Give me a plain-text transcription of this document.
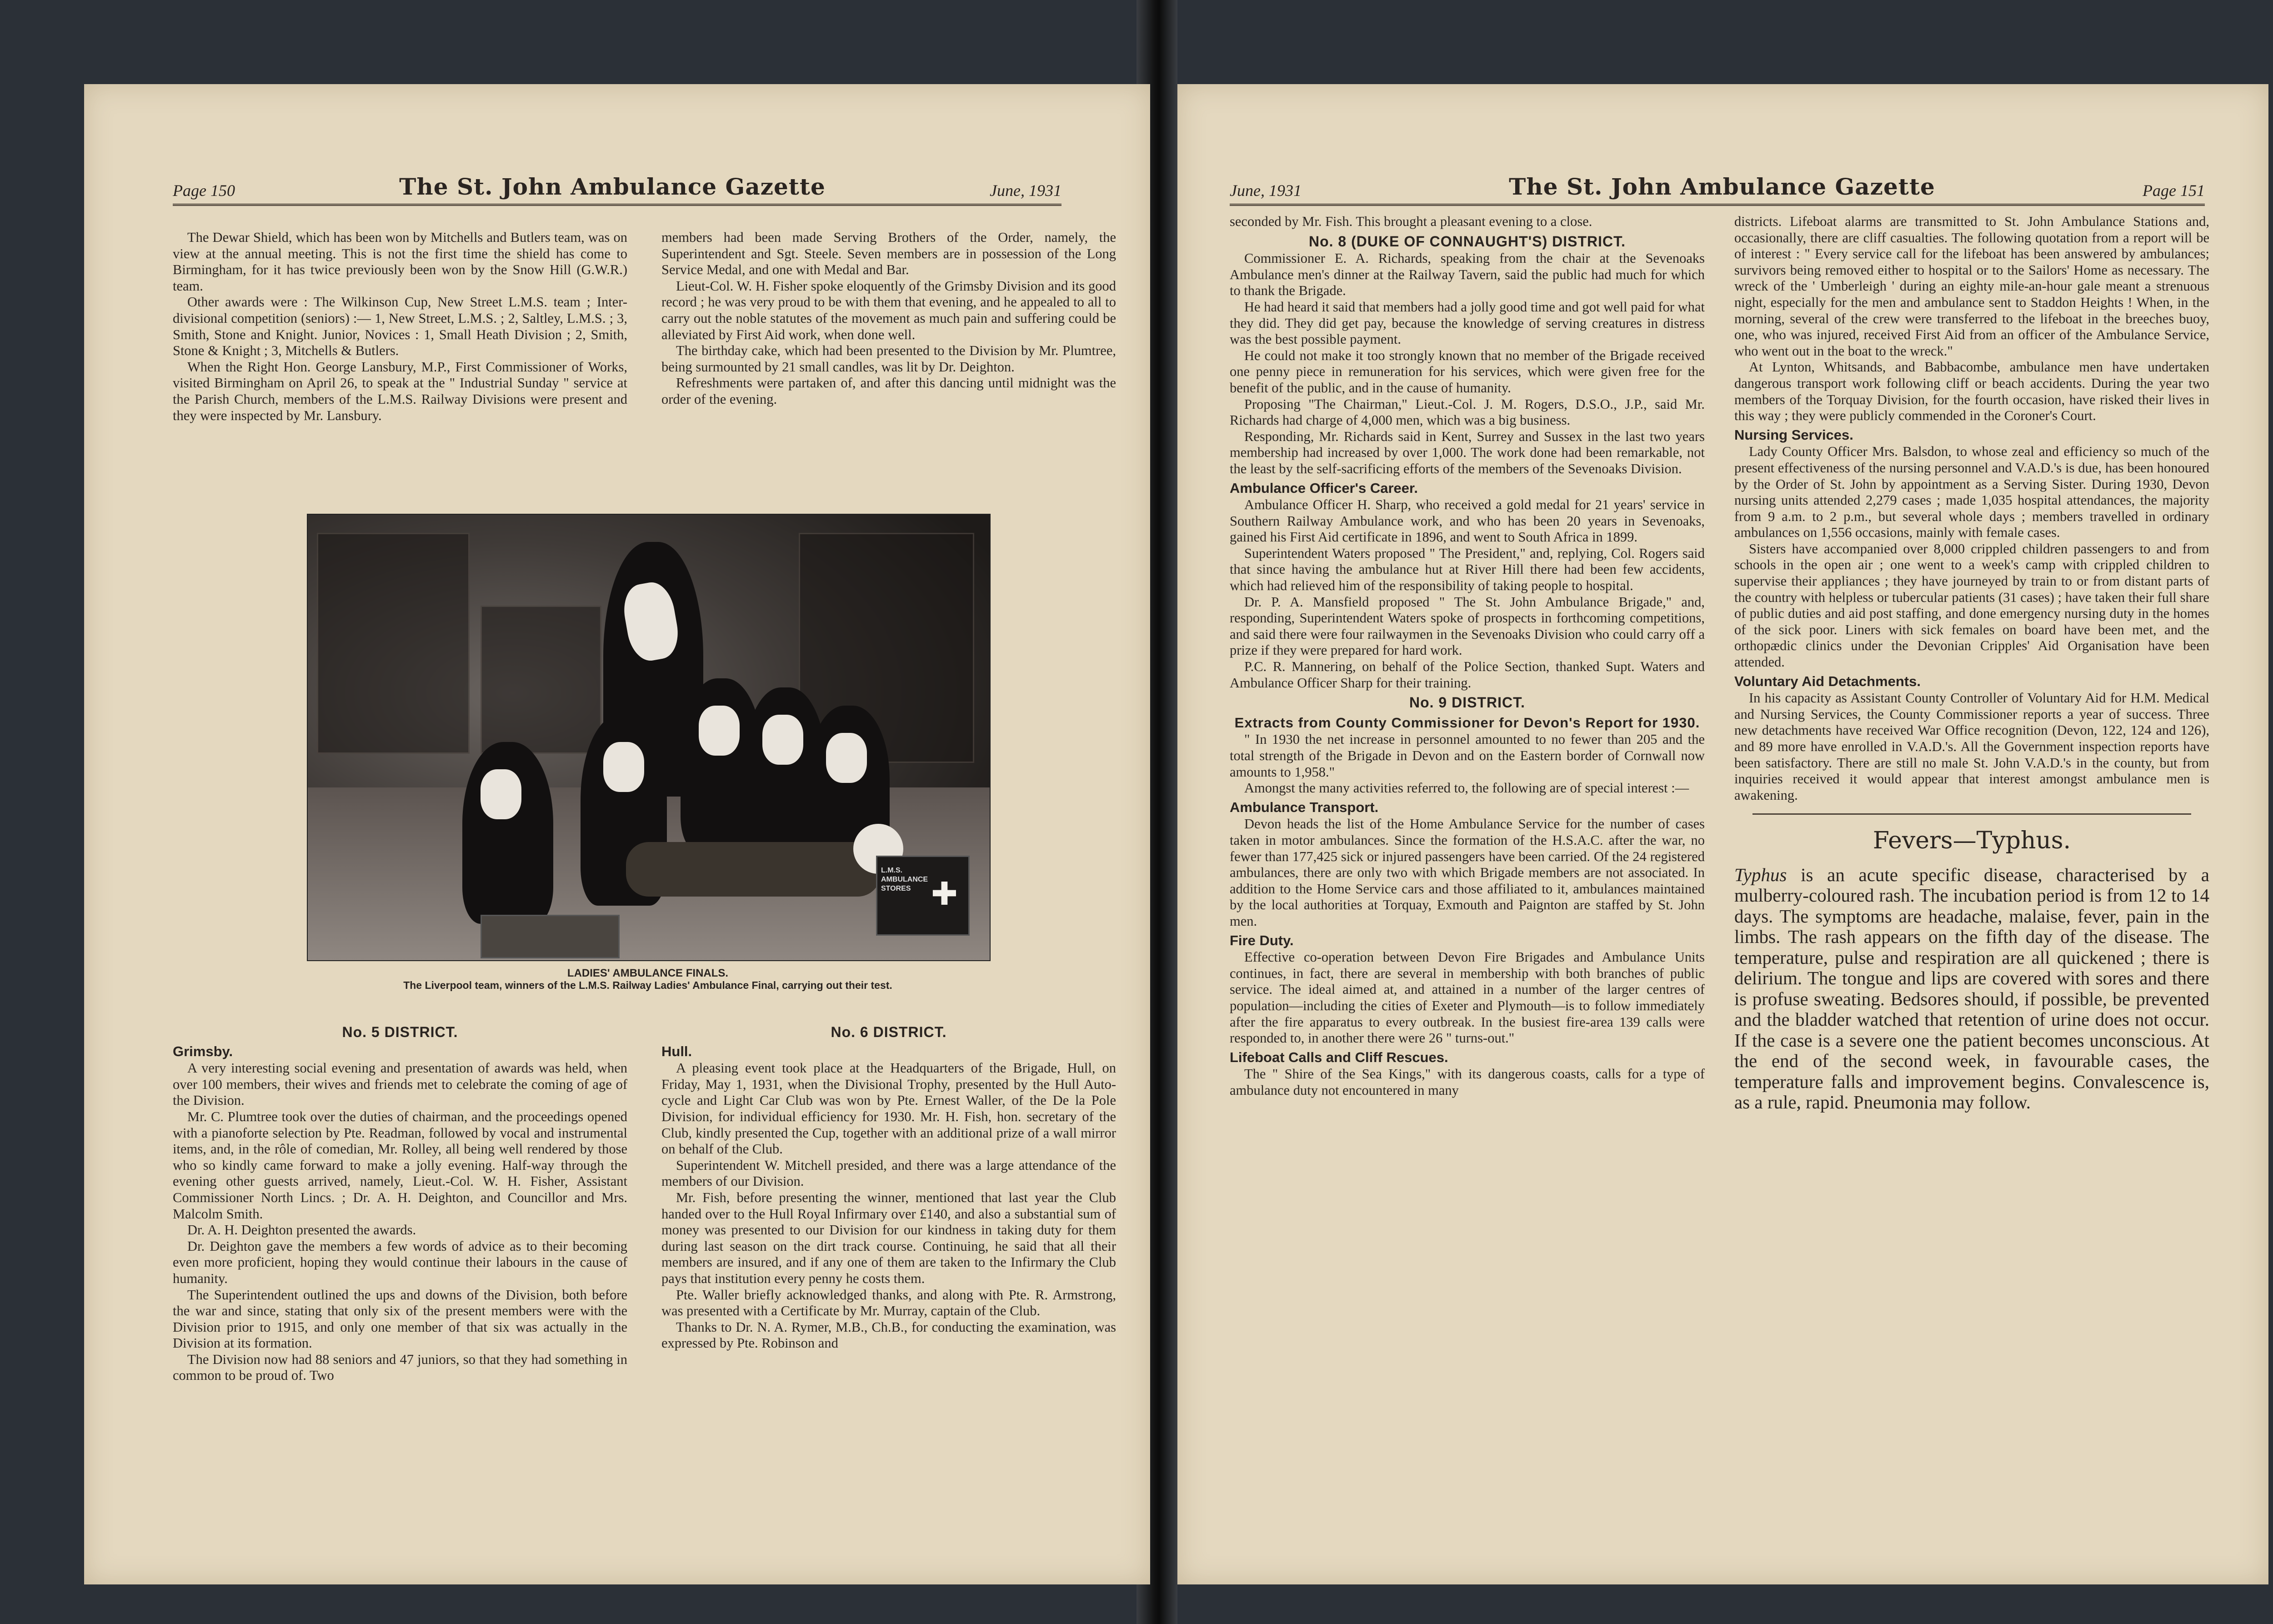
Page 150	The St. John Ambulance Gazette	June, 1931

The Dewar Shield, which has been won by Mitchells and Butlers team, was on view at the annual meeting. This is not the first time the shield has come to Birmingham, for it has twice previously been won by the Snow Hill (G.W.R.) team.

Other awards were : The Wilkinson Cup, New Street L.M.S. team ; Inter-divisional competition (seniors) :— 1, New Street, L.M.S. ; 2, Saltley, L.M.S. ; 3, Smith, Stone and Knight. Junior, Novices : 1, Small Heath Division ; 2, Smith, Stone & Knight ; 3, Mitchells & Butlers.

When the Right Hon. George Lansbury, M.P., First Commissioner of Works, visited Birmingham on April 26, to speak at the " Industrial Sunday " service at the Parish Church, members of the L.M.S. Railway Divisions were present and they were inspected by Mr. Lansbury.

members had been made Serving Brothers of the Order, namely, the Superintendent and Sgt. Steele. Seven members are in possession of the Long Service Medal, and one with Medal and Bar.

Lieut-Col. W. H. Fisher spoke eloquently of the Grimsby Division and its good record ; he was very proud to be with them that evening, and he appealed to all to carry out the noble statutes of the movement as much pain and suffering could be alleviated by First Aid work, when done well.

The birthday cake, which had been presented to the Division by Mr. Plumtree, being surmounted by 21 small candles, was lit by Dr. Deighton.

Refreshments were partaken of, and after this dancing until midnight was the order of the evening.

✚
L.M.S. AMBULANCE STORES
LADIES' AMBULANCE FINALS.
The Liverpool team, winners of the L.M.S. Railway Ladies' Ambulance Final, carrying out their test.
No. 5 DISTRICT.
Grimsby.

A very interesting social evening and presentation of awards was held, when over 100 members, their wives and friends met to celebrate the coming of age of the Division.

Mr. C. Plumtree took over the duties of chairman, and the proceedings opened with a pianoforte selection by Pte. Readman, followed by vocal and instrumental items, and, in the rôle of comedian, Mr. Rolley, all being well rendered by those who so kindly came forward to make a jolly evening. Half-way through the evening other guests arrived, namely, Lieut.-Col. W. H. Fisher, Assistant Commissioner North Lincs. ; Dr. A. H. Deighton, and Councillor and Mrs. Malcolm Smith.

Dr. A. H. Deighton presented the awards.

Dr. Deighton gave the members a few words of advice as to their becoming even more proficient, hoping they would continue their labours in the cause of humanity.

The Superintendent outlined the ups and downs of the Division, both before the war and since, stating that only six of the present members were with the Division prior to 1915, and only one member of that six was actually in the Division at its formation.

The Division now had 88 seniors and 47 juniors, so that they had something in common to be proud of. Two

No. 6 DISTRICT.
Hull.

A pleasing event took place at the Headquarters of the Brigade, Hull, on Friday, May 1, 1931, when the Divisional Trophy, presented by the Hull Auto-cycle and Light Car Club was won by Pte. Ernest Waller, of the De la Pole Division, for individual efficiency for 1930. Mr. H. Fish, hon. secretary of the Club, kindly presented the Cup, together with an additional prize of a wall mirror on behalf of the Club.

Superintendent W. Mitchell presided, and there was a large attendance of the members of our Division.

Mr. Fish, before presenting the winner, mentioned that last year the Club handed over to the Hull Royal Infirmary over £140, and also a substantial sum of money was presented to our Division for our kindness in taking duty for them during last season on the dirt track course. Continuing, he said that all their members are insured, and if any one of them are taken to the Infirmary the Club pays that institution every penny he costs them.

Pte. Waller briefly acknowledged thanks, and along with Pte. R. Armstrong, was presented with a Certificate by Mr. Murray, captain of the Club.

Thanks to Dr. N. A. Rymer, M.B., Ch.B., for conducting the examination, was expressed by Pte. Robinson and

June, 1931	The St. John Ambulance Gazette	Page 151

seconded by Mr. Fish. This brought a pleasant evening to a close.

No. 8 (DUKE OF CONNAUGHT'S) DISTRICT.

Commissioner E. A. Richards, speaking from the chair at the Sevenoaks Ambulance men's dinner at the Railway Tavern, said the public had much for which to thank the Brigade.

He had heard it said that members had a jolly good time and got well paid for what they did. They did get pay, because the knowledge of serving creatures in distress was the best possible payment.

He could not make it too strongly known that no member of the Brigade received one penny piece in remuneration for his services, which were given free for the benefit of the public, and in the cause of humanity.

Proposing "The Chairman," Lieut.-Col. J. M. Rogers, D.S.O., J.P., said Mr. Richards had charge of 4,000 men, which was a big business.

Responding, Mr. Richards said in Kent, Surrey and Sussex in the last two years membership had increased by over 1,000. The work done had been remarkable, not the least by the self-sacrificing efforts of the members of the Sevenoaks Division.

Ambulance Officer's Career.

Ambulance Officer H. Sharp, who received a gold medal for 21 years' service in Southern Railway Ambulance work, and who has been 20 years in Sevenoaks, gained his First Aid certificate in 1896, and went to South Africa in 1899.

Superintendent Waters proposed " The President," and, replying, Col. Rogers said that since having the ambulance hut at River Hill there had been few accidents, which had relieved him of the responsibility of taking people to hospital.

Dr. P. A. Mansfield proposed " The St. John Ambulance Brigade," and, responding, Superintendent Waters spoke of prospects in forthcoming competitions, and said there were four railwaymen in the Sevenoaks Division who could carry off a prize if they were prepared for hard work.

P.C. R. Mannering, on behalf of the Police Section, thanked Supt. Waters and Ambulance Officer Sharp for their training.

No. 9 DISTRICT.
Extracts from County Commissioner for Devon's Report for 1930.

" In 1930 the net increase in personnel amounted to no fewer than 205 and the total strength of the Brigade in Devon and on the Eastern border of Cornwall now amounts to 1,958."

Amongst the many activities referred to, the following are of special interest :—

Ambulance Transport.

Devon heads the list of the Home Ambulance Service for the number of cases taken in motor ambulances. Since the formation of the H.S.A.C. after the war, no fewer than 177,425 sick or injured passengers have been carried. Of the 24 registered ambulances, there are only two with which Brigade members are not associated. In addition to the Home Service cars and those affiliated to it, ambulances maintained by the local authorities at Torquay, Exmouth and Paignton are staffed by St. John men.

Fire Duty.

Effective co-operation between Devon Fire Brigades and Ambulance Units continues, in fact, there are several in membership with both branches of public service. The ideal aimed at, and attained in a number of the larger centres of population—including the cities of Exeter and Plymouth—is to follow immediately after the fire apparatus to every outbreak. In the busiest fire-area 139 calls were responded to, in another there were 26 " turns-out."

Lifeboat Calls and Cliff Rescues.

The " Shire of the Sea Kings," with its dangerous coasts, calls for a type of ambulance duty not encountered in many

districts. Lifeboat alarms are transmitted to St. John Ambulance Stations and, occasionally, there are cliff casualties. The following quotation from a report will be of interest : " Every service call for the lifeboat has been answered by ambulances; survivors being removed either to hospital or to the Sailors' Home as necessary. The wreck of the ' Umberleigh ' during an eighty mile-an-hour gale meant a strenuous night, especially for the men and ambulance sent to Staddon Heights ! When, in the morning, several of the crew were transferred to the lifeboat in the breeches buoy, one, who was injured, received First Aid from an officer of the Ambulance Service, who went out in the boat to the wreck."

At Lynton, Whitsands, and Babbacombe, ambulance men have undertaken dangerous transport work following cliff or beach accidents. During the year two members of the Torquay Division, for the fourth occasion, have risked their lives in this way ; they were publicly commended in the Coroner's Court.

Nursing Services.

Lady County Officer Mrs. Balsdon, to whose zeal and efficiency so much of the present effectiveness of the nursing personnel and V.A.D.'s is due, has been honoured by the Order of St. John by appointment as a Serving Sister. During 1930, Devon nursing units attended 2,279 cases ; made 1,035 hospital attendances, the majority from 9 a.m. to 2 p.m., but several whole days ; members travelled in ordinary ambulances on 1,556 occasions, mainly with female cases.

Sisters have accompanied over 8,000 crippled children passengers to and from schools in the open air ; one went to a week's camp with crippled children to supervise their appliances ; they have journeyed by train to or from distant parts of the country with helpless or tubercular patients (31 cases) ; have taken their full share of public duties and aid post staffing, and done emergency nursing duty in the homes of the sick poor. Liners with sick females on board have been met, and the orthopædic clinics under the Devonian Cripples' Aid Organisation have been attended.

Voluntary Aid Detachments.

In his capacity as Assistant County Controller of Voluntary Aid for H.M. Medical and Nursing Services, the County Commissioner reports a year of success. Three new detachments have received War Office recognition (Devon, 122, 124 and 126), and 89 more have enrolled in V.A.D.'s. All the Government inspection reports have been satisfactory. There are still no male St. John V.A.D.'s in the county, but from inquiries received it would appear that interest amongst ambulance men is awakening.

Fevers—Typhus.

Typhus is an acute specific disease, characterised by a mulberry-coloured rash. The incubation period is from 12 to 14 days. The symptoms are headache, malaise, fever, pain in the limbs. The rash appears on the fifth day of the disease. The temperature, pulse and respiration are all quickened ; there is delirium. The tongue and lips are covered with sores and there is profuse sweating. Bedsores should, if possible, be prevented and the bladder watched that retention of urine does not occur. If the case is a severe one the patient becomes unconscious. At the end of the second week, in favourable cases, the temperature falls and improvement begins. Convalescence is, as a rule, rapid. Pneumonia may follow.
